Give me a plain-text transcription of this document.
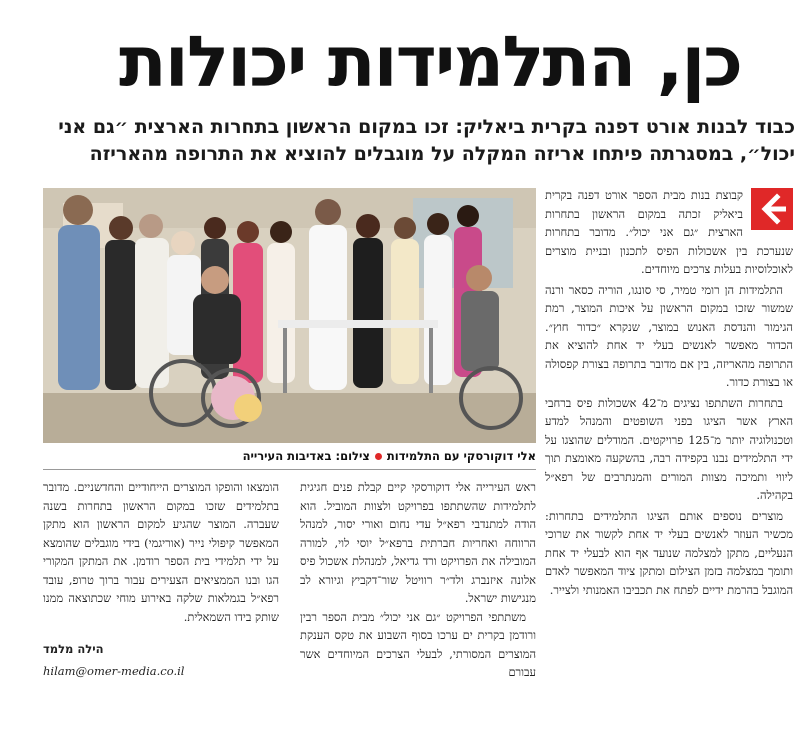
כן, התלמידות יכולות
כבוד לבנות אורט דפנה בקרית ביאליק: זכו במקום הראשון בתחרות הארצית ״גם אני יכול״, במסגרתה פיתחו אריזה המקלה על מוגבלים להוציא את התרופה מהאריזה

קבוצת בנות מבית הספר אורט דפנה בקרית ביאליק זכתה במקום הראשון בתחרות הארצית ״גם אני יכול״. מדובר בתחרות שנערכת בין אשכולות הפיס לתכנון ובניית מוצרים לאוכלוסיות בעלות צרכים מיוחדים.

התלמידות הן רומי טמיר, סי סונגו, הוריה כסאר ורנה שמשור שזכו במקום הראשון על איכות המוצר, רמת הגימור והנדסת האנוש במוצר, שנקרא ״כדור חוץ״. הכדור מאפשר לאנשים בעלי יד אחת להוציא את התרופה מהאריזה, בין אם מדובר בתרופה בצורת קפסולה או בצורת כדור.

בתחרות השתתפו נציגים מ־42 אשכולות פיס ברחבי הארץ אשר הציגו בפני השופטים והמנהל למדע וטכנולוגיה יותר מ־125 פרויקטים. המודלים שהוצגו על ידי התלמידים נבנו בקפידה רבה, בהשקעה מאומצת תוך ליווי ותמיכה מצוות המורים והמנתרבים של רפא״ל בקהילה.

מוצרים נוספים אותם הציגו התלמידים בתחרות: מכשיר העוזר לאנשים בעלי יד אחת לקשור את שרוכי הנעליים, מתקן למצלמה שנועד אף הוא לבעלי יד אחת ותומך במצלמה בזמן הצילום ומתקן ציוד המאפשר לאדם המוגבל בהרמת ידיים לפתח את תכביבו האמנותי ולצייר.

אלי דוקורסקי עם התלמידותצילום: באדיבות העירייה

ראש העירייה אלי דוקורסקי קיים קבלת פנים חגיגית לתלמידות שהשתתפו בפרויקט ולצוות המוביל. הוא הודה למתנדבי רפא״ל עדי נחום ואורי יסור, למנהל הרווחה ואחריות חברתית ברפא״ל יוסי לוי, למורה המובילה את הפרויקט ורד גדיאל, למנהלת אשכול פיס אלונה איזנברג ולד״ר רוויטל שור־דקביץ וגיורא לב מנגישות ישראל.

משתתפי הפרויקט ״גם אני יכול״ מבית הספר רבין ורודמן בקרית ים ערכו בסוף השבוע את טקס הענקת המוצרים המסורתי, לבעלי הצרכים המיוחדים אשר עבורם

הומצאו והופקו המוצרים הייחודיים והחדשניים. מדובר בתלמידים שזכו במקום הראשון בתחרות בשנה שעברה. המוצר שהגיע למקום הראשון הוא מתקן המאפשר קיפולי נייר (אוריגמי) בידי מוגבלים שהומצא על ידי תלמידי בית הספר רודמן. את המתקן המקורי הגו ובנו הממציאים הצעירים עבור ברוך טרופ, עובד רפא״ל בגמלאות שלקה באירוע מוחי שכתוצאה ממנו שותק בידו השמאלית.

הילה מלמד
hilam@omer-media.co.il
